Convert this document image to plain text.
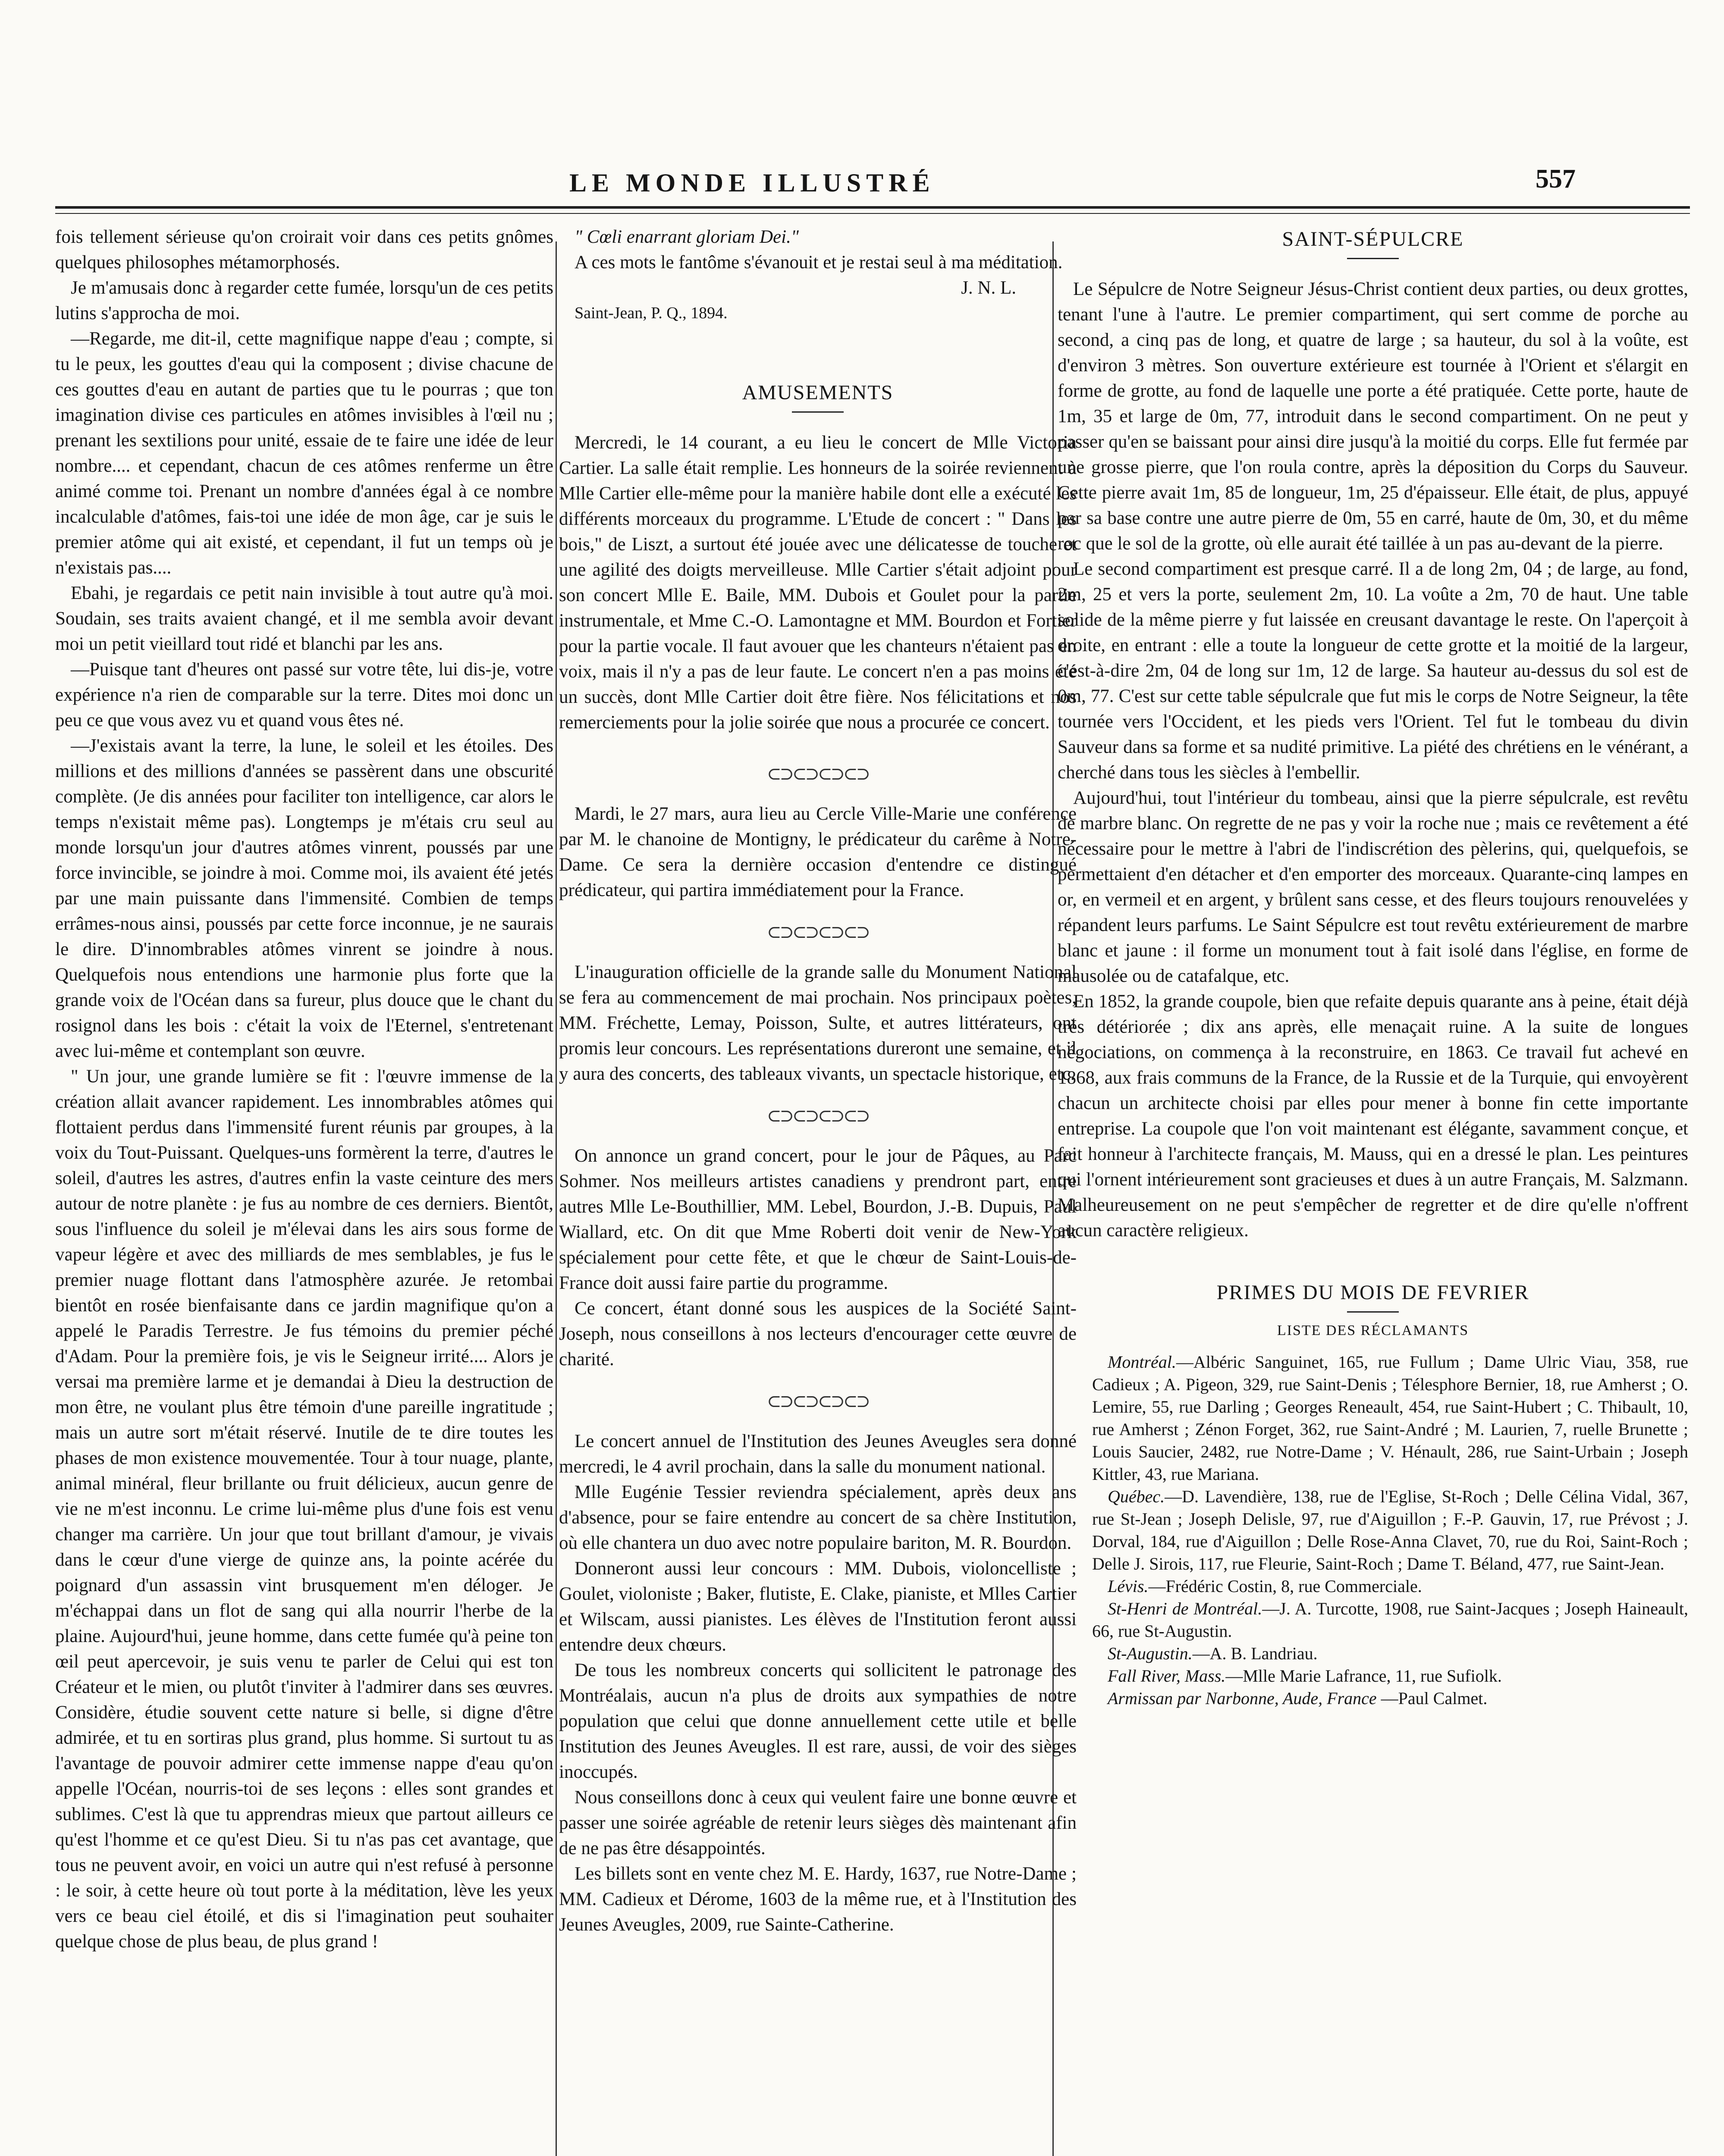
LE MONDE ILLUSTRÉ	557

fois tellement sérieuse qu'on croirait voir dans ces petits gnômes quelques philosophes métamorphosés.

Je m'amusais donc à regarder cette fumée, lorsqu'un de ces petits lutins s'approcha de moi.

—Regarde, me dit-il, cette magnifique nappe d'eau ; compte, si tu le peux, les gouttes d'eau qui la composent ; divise chacune de ces gouttes d'eau en autant de parties que tu le pourras ; que ton imagination divise ces particules en atômes invisibles à l'œil nu ; prenant les sextilions pour unité, essaie de te faire une idée de leur nombre.... et cependant, chacun de ces atômes renferme un être animé comme toi. Prenant un nombre d'années égal à ce nombre incalculable d'atômes, fais-toi une idée de mon âge, car je suis le premier atôme qui ait existé, et cependant, il fut un temps où je n'existais pas....

Ebahi, je regardais ce petit nain invisible à tout autre qu'à moi. Soudain, ses traits avaient changé, et il me sembla avoir devant moi un petit vieillard tout ridé et blanchi par les ans.

—Puisque tant d'heures ont passé sur votre tête, lui dis-je, votre expérience n'a rien de comparable sur la terre. Dites moi donc un peu ce que vous avez vu et quand vous êtes né.

—J'existais avant la terre, la lune, le soleil et les étoiles. Des millions et des millions d'années se passèrent dans une obscurité complète. (Je dis années pour faciliter ton intelligence, car alors le temps n'existait même pas). Longtemps je m'étais cru seul au monde lorsqu'un jour d'autres atômes vinrent, poussés par une force invincible, se joindre à moi. Comme moi, ils avaient été jetés par une main puissante dans l'immensité. Combien de temps errâmes-nous ainsi, poussés par cette force inconnue, je ne saurais le dire. D'innombrables atômes vinrent se joindre à nous. Quelquefois nous entendions une harmonie plus forte que la grande voix de l'Océan dans sa fureur, plus douce que le chant du rosignol dans les bois : c'était la voix de l'Eternel, s'entretenant avec lui-même et contemplant son œuvre.

" Un jour, une grande lumière se fit : l'œuvre immense de la création allait avancer rapidement. Les innombrables atômes qui flottaient perdus dans l'immensité furent réunis par groupes, à la voix du Tout-Puissant. Quelques-uns formèrent la terre, d'autres le soleil, d'autres les astres, d'autres enfin la vaste ceinture des mers autour de notre planète : je fus au nombre de ces derniers. Bientôt, sous l'influence du soleil je m'élevai dans les airs sous forme de vapeur légère et avec des milliards de mes semblables, je fus le premier nuage flottant dans l'atmosphère azurée. Je retombai bientôt en rosée bienfaisante dans ce jardin magnifique qu'on a appelé le Paradis Terrestre. Je fus témoins du premier péché d'Adam. Pour la première fois, je vis le Seigneur irrité.... Alors je versai ma première larme et je demandai à Dieu la destruction de mon être, ne voulant plus être témoin d'une pareille ingratitude ; mais un autre sort m'était réservé. Inutile de te dire toutes les phases de mon existence mouvementée. Tour à tour nuage, plante, animal minéral, fleur brillante ou fruit délicieux, aucun genre de vie ne m'est inconnu. Le crime lui-même plus d'une fois est venu changer ma carrière. Un jour que tout brillant d'amour, je vivais dans le cœur d'une vierge de quinze ans, la pointe acérée du poignard d'un assassin vint brusquement m'en déloger. Je m'échappai dans un flot de sang qui alla nourrir l'herbe de la plaine. Aujourd'hui, jeune homme, dans cette fumée qu'à peine ton œil peut apercevoir, je suis venu te parler de Celui qui est ton Créateur et le mien, ou plutôt t'inviter à l'admirer dans ses œuvres. Considère, étudie souvent cette nature si belle, si digne d'être admirée, et tu en sortiras plus grand, plus homme. Si surtout tu as l'avantage de pouvoir admirer cette immense nappe d'eau qu'on appelle l'Océan, nourris-toi de ses leçons : elles sont grandes et sublimes. C'est là que tu apprendras mieux que partout ailleurs ce qu'est l'homme et ce qu'est Dieu. Si tu n'as pas cet avantage, que tous ne peuvent avoir, en voici un autre qui n'est refusé à personne : le soir, à cette heure où tout porte à la méditation, lève les yeux vers ce beau ciel étoilé, et dis si l'imagination peut souhaiter quelque chose de plus beau, de plus grand !

" Cœli enarrant gloriam Dei."

A ces mots le fantôme s'évanouit et je restai seul à ma méditation.

J. N. L.

Saint-Jean, P. Q., 1894.

AMUSEMENTS

Mercredi, le 14 courant, a eu lieu le concert de Mlle Victoria Cartier. La salle était remplie. Les honneurs de la soirée reviennent à Mlle Cartier elle-même pour la manière habile dont elle a exécuté les différents morceaux du programme. L'Etude de concert : " Dans les bois," de Liszt, a surtout été jouée avec une délicatesse de touche et une agilité des doigts merveilleuse. Mlle Cartier s'était adjoint pour son concert Mlle E. Baile, MM. Dubois et Goulet pour la partie instrumentale, et Mme C.-O. Lamontagne et MM. Bourdon et Fortier pour la partie vocale. Il faut avouer que les chanteurs n'étaient pas en voix, mais il n'y a pas de leur faute. Le concert n'en a pas moins été un succès, dont Mlle Cartier doit être fière. Nos félicitations et nos remerciements pour la jolie soirée que nous a procurée ce concert.

⊂⊃⊂⊃⊂⊃⊂⊃

Mardi, le 27 mars, aura lieu au Cercle Ville-Marie une conférence par M. le chanoine de Montigny, le prédicateur du carême à Notre-Dame. Ce sera la dernière occasion d'entendre ce distingué prédicateur, qui partira immédiatement pour la France.

⊂⊃⊂⊃⊂⊃⊂⊃

L'inauguration officielle de la grande salle du Monument National se fera au commencement de mai prochain. Nos principaux poètes, MM. Fréchette, Lemay, Poisson, Sulte, et autres littérateurs, ont promis leur concours. Les représentations dureront une semaine, et il y aura des concerts, des tableaux vivants, un spectacle historique, etc.

⊂⊃⊂⊃⊂⊃⊂⊃

On annonce un grand concert, pour le jour de Pâques, au Parc Sohmer. Nos meilleurs artistes canadiens y prendront part, entre autres Mlle Le-Bouthillier, MM. Lebel, Bourdon, J.-B. Dupuis, Paul Wiallard, etc. On dit que Mme Roberti doit venir de New-York spécialement pour cette fête, et que le chœur de Saint-Louis-de-France doit aussi faire partie du programme.

Ce concert, étant donné sous les auspices de la Société Saint-Joseph, nous conseillons à nos lecteurs d'encourager cette œuvre de charité.

⊂⊃⊂⊃⊂⊃⊂⊃

Le concert annuel de l'Institution des Jeunes Aveugles sera donné mercredi, le 4 avril prochain, dans la salle du monument national.

Mlle Eugénie Tessier reviendra spécialement, après deux ans d'absence, pour se faire entendre au concert de sa chère Institution, où elle chantera un duo avec notre populaire bariton, M. R. Bourdon.

Donneront aussi leur concours : MM. Dubois, violoncelliste ; Goulet, violoniste ; Baker, flutiste, E. Clake, pianiste, et Mlles Cartier et Wilscam, aussi pianistes. Les élèves de l'Institution feront aussi entendre deux chœurs.

De tous les nombreux concerts qui sollicitent le patronage des Montréalais, aucun n'a plus de droits aux sympathies de notre population que celui que donne annuellement cette utile et belle Institution des Jeunes Aveugles. Il est rare, aussi, de voir des sièges inoccupés.

Nous conseillons donc à ceux qui veulent faire une bonne œuvre et passer une soirée agréable de retenir leurs sièges dès maintenant afin de ne pas être désappointés.

Les billets sont en vente chez M. E. Hardy, 1637, rue Notre-Dame ; MM. Cadieux et Dérome, 1603 de la même rue, et à l'Institution des Jeunes Aveugles, 2009, rue Sainte-Catherine.

SAINT-SÉPULCRE

Le Sépulcre de Notre Seigneur Jésus-Christ contient deux parties, ou deux grottes, tenant l'une à l'autre. Le premier compartiment, qui sert comme de porche au second, a cinq pas de long, et quatre de large ; sa hauteur, du sol à la voûte, est d'environ 3 mètres. Son ouverture extérieure est tournée à l'Orient et s'élargit en forme de grotte, au fond de laquelle une porte a été pratiquée. Cette porte, haute de 1m, 35 et large de 0m, 77, introduit dans le second compartiment. On ne peut y passer qu'en se baissant pour ainsi dire jusqu'à la moitié du corps. Elle fut fermée par une grosse pierre, que l'on roula contre, après la déposition du Corps du Sauveur. Cette pierre avait 1m, 85 de longueur, 1m, 25 d'épaisseur. Elle était, de plus, appuyé par sa base contre une autre pierre de 0m, 55 en carré, haute de 0m, 30, et du même roc que le sol de la grotte, où elle aurait été taillée à un pas au-devant de la pierre.

Le second compartiment est presque carré. Il a de long 2m, 04 ; de large, au fond, 2m, 25 et vers la porte, seulement 2m, 10. La voûte a 2m, 70 de haut. Une table solide de la même pierre y fut laissée en creusant davantage le reste. On l'aperçoit à droite, en entrant : elle a toute la longueur de cette grotte et la moitié de la largeur, c'est-à-dire 2m, 04 de long sur 1m, 12 de large. Sa hauteur au-dessus du sol est de 0m, 77. C'est sur cette table sépulcrale que fut mis le corps de Notre Seigneur, la tête tournée vers l'Occident, et les pieds vers l'Orient. Tel fut le tombeau du divin Sauveur dans sa forme et sa nudité primitive. La piété des chrétiens en le vénérant, a cherché dans tous les siècles à l'embellir.

Aujourd'hui, tout l'intérieur du tombeau, ainsi que la pierre sépulcrale, est revêtu de marbre blanc. On regrette de ne pas y voir la roche nue ; mais ce revêtement a été nécessaire pour le mettre à l'abri de l'indiscrétion des pèlerins, qui, quelquefois, se permettaient d'en détacher et d'en emporter des morceaux. Quarante-cinq lampes en or, en vermeil et en argent, y brûlent sans cesse, et des fleurs toujours renouvelées y répandent leurs parfums. Le Saint Sépulcre est tout revêtu extérieurement de marbre blanc et jaune : il forme un monument tout à fait isolé dans l'église, en forme de mausolée ou de catafalque, etc.

En 1852, la grande coupole, bien que refaite depuis quarante ans à peine, était déjà très détériorée ; dix ans après, elle menaçait ruine. A la suite de longues négociations, on commença à la reconstruire, en 1863. Ce travail fut achevé en 1868, aux frais communs de la France, de la Russie et de la Turquie, qui envoyèrent chacun un architecte choisi par elles pour mener à bonne fin cette importante entreprise. La coupole que l'on voit maintenant est élégante, savamment conçue, et fait honneur à l'architecte français, M. Mauss, qui en a dressé le plan. Les peintures qui l'ornent intérieurement sont gracieuses et dues à un autre Français, M. Salzmann. Malheureusement on ne peut s'empêcher de regretter et de dire qu'elle n'offrent aucun caractère religieux.

PRIMES DU MOIS DE FEVRIER
LISTE DES RÉCLAMANTS

Montréal.—Albéric Sanguinet, 165, rue Fullum ; Dame Ulric Viau, 358, rue Cadieux ; A. Pigeon, 329, rue Saint-Denis ; Télesphore Bernier, 18, rue Amherst ; O. Lemire, 55, rue Darling ; Georges Reneault, 454, rue Saint-Hubert ; C. Thibault, 10, rue Amherst ; Zénon Forget, 362, rue Saint-André ; M. Laurien, 7, ruelle Brunette ; Louis Saucier, 2482, rue Notre-Dame ; V. Hénault, 286, rue Saint-Urbain ; Joseph Kittler, 43, rue Mariana.

Québec.—D. Lavendière, 138, rue de l'Eglise, St-Roch ; Delle Célina Vidal, 367, rue St-Jean ; Joseph Delisle, 97, rue d'Aiguillon ; F.-P. Gauvin, 17, rue Prévost ; J. Dorval, 184, rue d'Aiguillon ; Delle Rose-Anna Clavet, 70, rue du Roi, Saint-Roch ; Delle J. Sirois, 117, rue Fleurie, Saint-Roch ; Dame T. Béland, 477, rue Saint-Jean.

Lévis.—Frédéric Costin, 8, rue Commerciale.

St-Henri de Montréal.—J. A. Turcotte, 1908, rue Saint-Jacques ; Joseph Haineault, 66, rue St-Augustin.

St-Augustin.—A. B. Landriau.

Fall River, Mass.—Mlle Marie Lafrance, 11, rue Sufiolk.

Armissan par Narbonne, Aude, France —Paul Calmet.
